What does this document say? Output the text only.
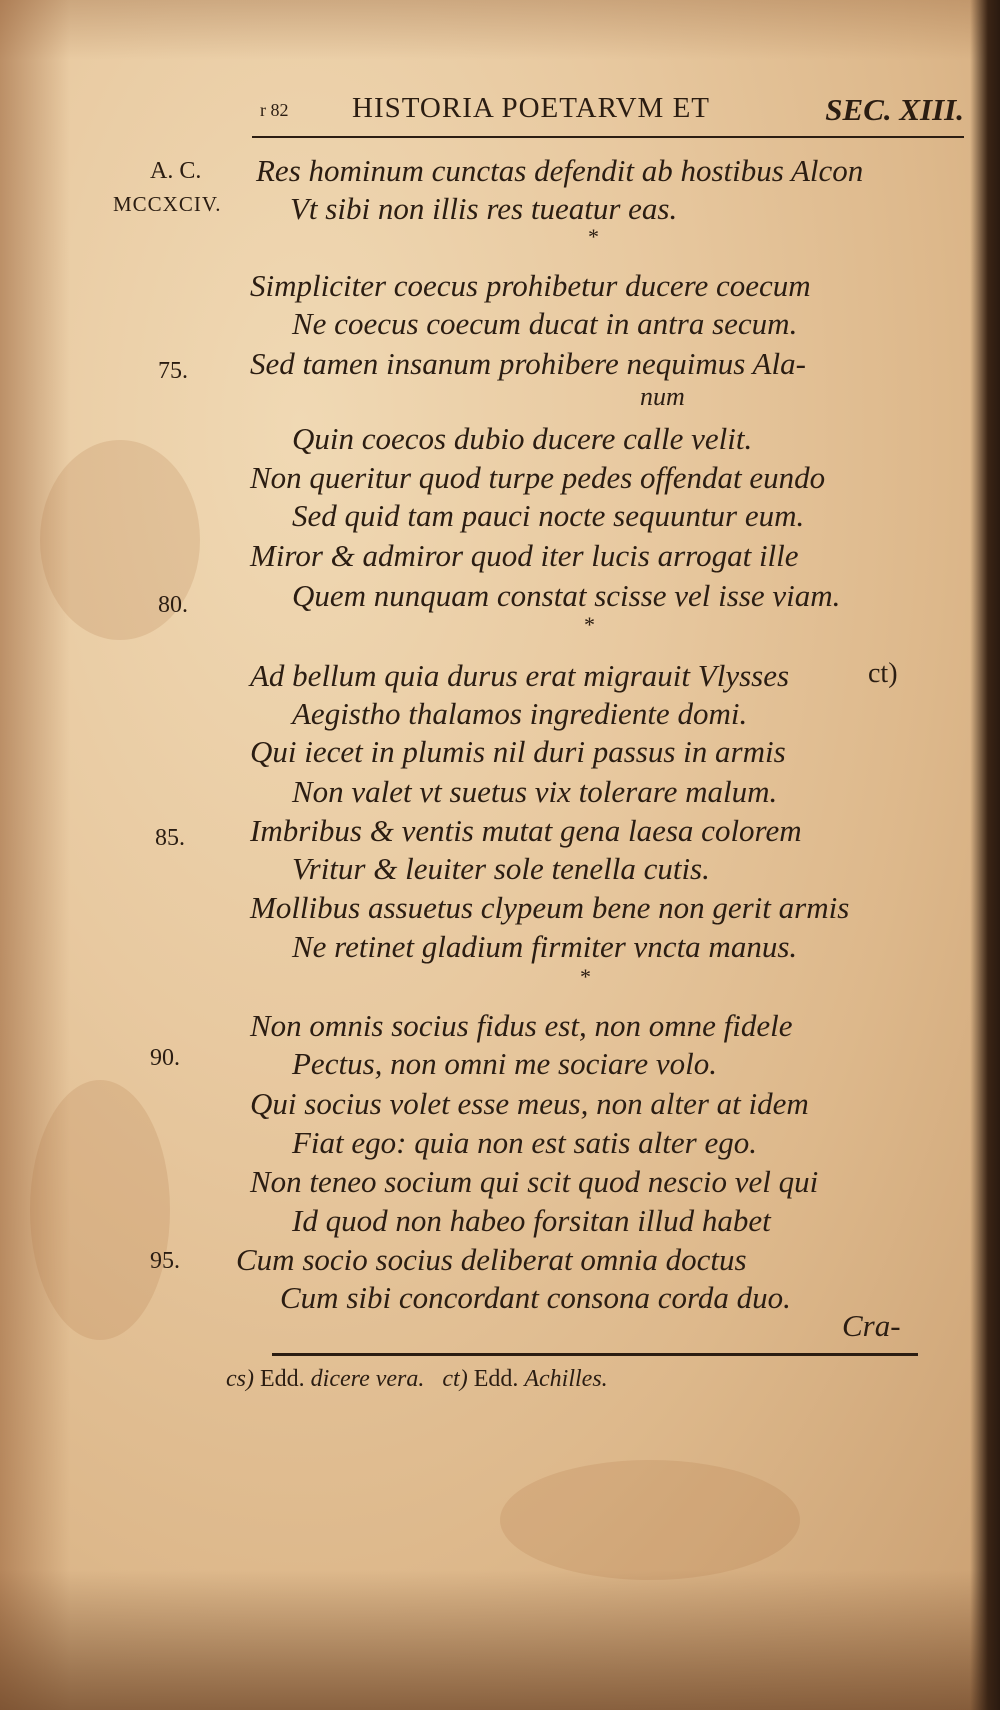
r 82 HISTORIA POETARVM ET	SEC. XIII.
A. C.
MCCXCIV.
75.
80.
85.
90.
95.
Res hominum cunctas defendit ab hostibus Alcon
Vt sibi non illis res tueatur eas.
*
Simpliciter coecus prohibetur ducere coecum
Ne coecus coecum ducat in antra secum.
Sed tamen insanum prohibere nequimus Ala-
num
Quin coecos dubio ducere calle velit.
Non queritur quod turpe pedes offendat eundo
Sed quid tam pauci nocte sequuntur eum.
Miror & admiror quod iter lucis arrogat ille
Quem nunquam constat scisse vel isse viam.
*
Ad bellum quia durus erat migrauit Vlysses	ct)
Aegistho thalamos ingrediente domi.
Qui iecet in plumis nil duri passus in armis
Non valet vt suetus vix tolerare malum.
Imbribus & ventis mutat gena laesa colorem
Vritur & leuiter sole tenella cutis.
Mollibus assuetus clypeum bene non gerit armis
Ne retinet gladium firmiter vncta manus.
*
Non omnis socius fidus est, non omne fidele
Pectus, non omni me sociare volo.
Qui socius volet esse meus, non alter at idem
Fiat ego: quia non est satis alter ego.
Non teneo socium qui scit quod nescio vel qui
Id quod non habeo forsitan illud habet
Cum socio socius deliberat omnia doctus
Cum sibi concordant consona corda duo.
Cra-
cs) Edd. dicere vera. ct) Edd. Achilles.
